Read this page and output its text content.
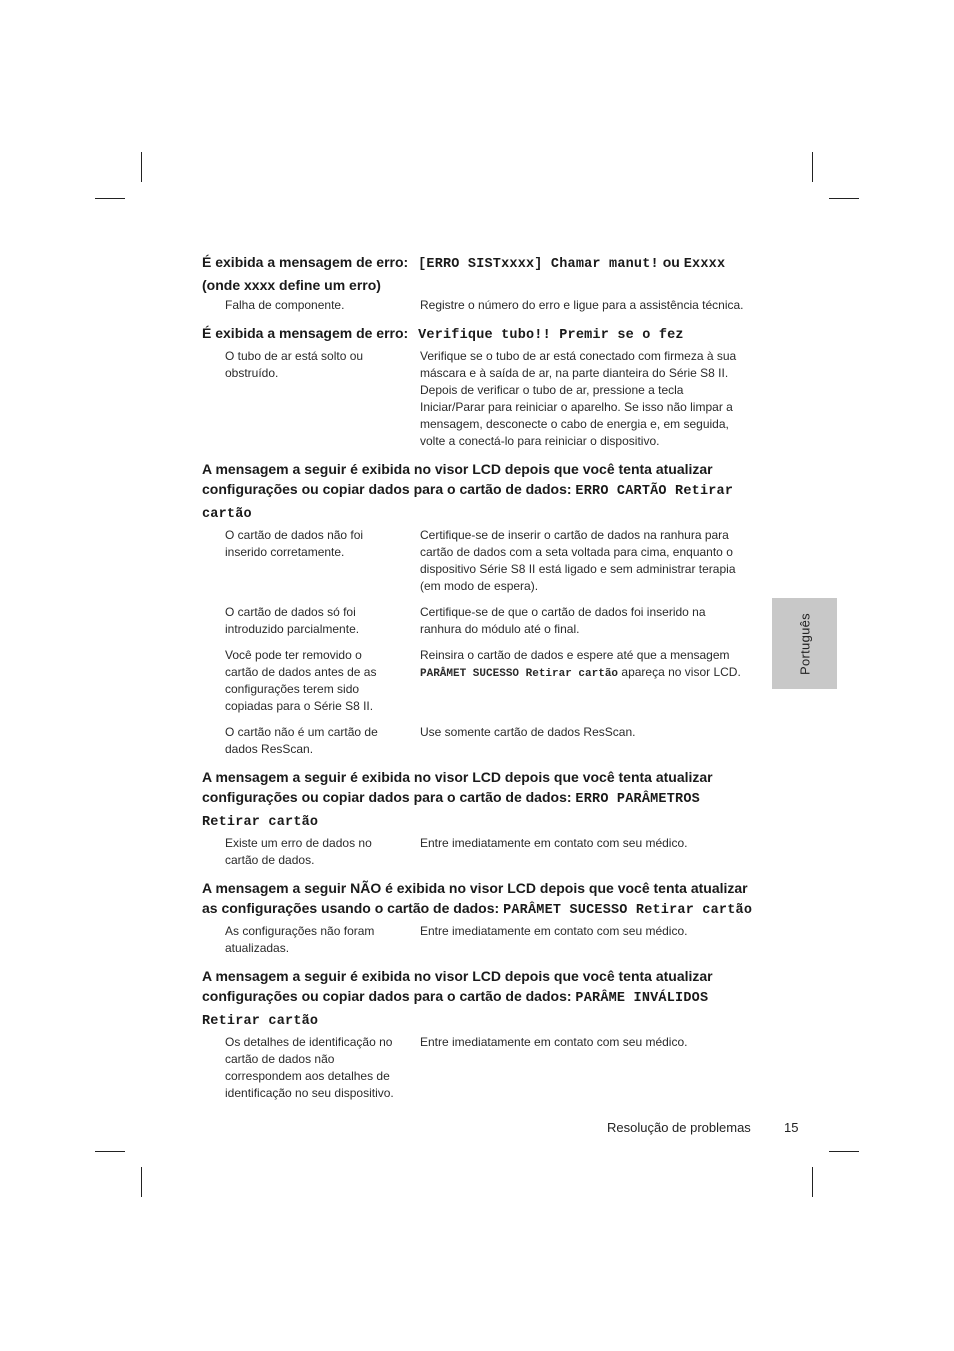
É exibida a mensagem de erro: [ERRO SISTxxxx] Chamar manut! ou Exxxx
(onde xxxx define um erro)
Falha de componente.	Registre o número do erro e ligue para a assistência técnica.
É exibida a mensagem de erro: Verifique tubo!! Premir se o fez
O tubo de ar está solto ou obstruído.
Verifique se o tubo de ar está conectado com firmeza à sua máscara e à saída de ar, na parte dianteira do Série S8 II. Depois de verificar o tubo de ar, pressione a tecla Iniciar/Parar para reiniciar o aparelho. Se isso não limpar a mensagem, desconecte o cabo de energia e, em seguida, volte a conectá-lo para reiniciar o dispositivo.
A mensagem a seguir é exibida no visor LCD depois que você tenta atualizar configurações ou copiar dados para o cartão de dados: ERRO CARTÃO Retirar cartão
O cartão de dados não foi inserido corretamente.
Certifique-se de inserir o cartão de dados na ranhura para cartão de dados com a seta voltada para cima, enquanto o dispositivo Série S8 II está ligado e sem administrar terapia (em modo de espera).
O cartão de dados só foi introduzido parcialmente.
Certifique-se de que o cartão de dados foi inserido na ranhura do módulo até o final.
Você pode ter removido o cartão de dados antes de as configurações terem sido copiadas para o Série S8 II.
Reinsira o cartão de dados e espere até que a mensagem PARÂMET SUCESSO Retirar cartão apareça no visor LCD.
O cartão não é um cartão de dados ResScan.
Use somente cartão de dados ResScan.
A mensagem a seguir é exibida no visor LCD depois que você tenta atualizar configurações ou copiar dados para o cartão de dados: ERRO PARÂMETROS Retirar cartão
Existe um erro de dados no cartão de dados.
Entre imediatamente em contato com seu médico.
A mensagem a seguir NÃO é exibida no visor LCD depois que você tenta atualizar as configurações usando o cartão de dados: PARÂMET SUCESSO Retirar cartão
As configurações não foram atualizadas.
Entre imediatamente em contato com seu médico.
A mensagem a seguir é exibida no visor LCD depois que você tenta atualizar configurações ou copiar dados para o cartão de dados: PARÂME INVÁLIDOS Retirar cartão
Os detalhes de identificação no cartão de dados não correspondem aos detalhes de identificação no seu dispositivo.
Entre imediatamente em contato com seu médico.
Português
Resolução de problemas	15
